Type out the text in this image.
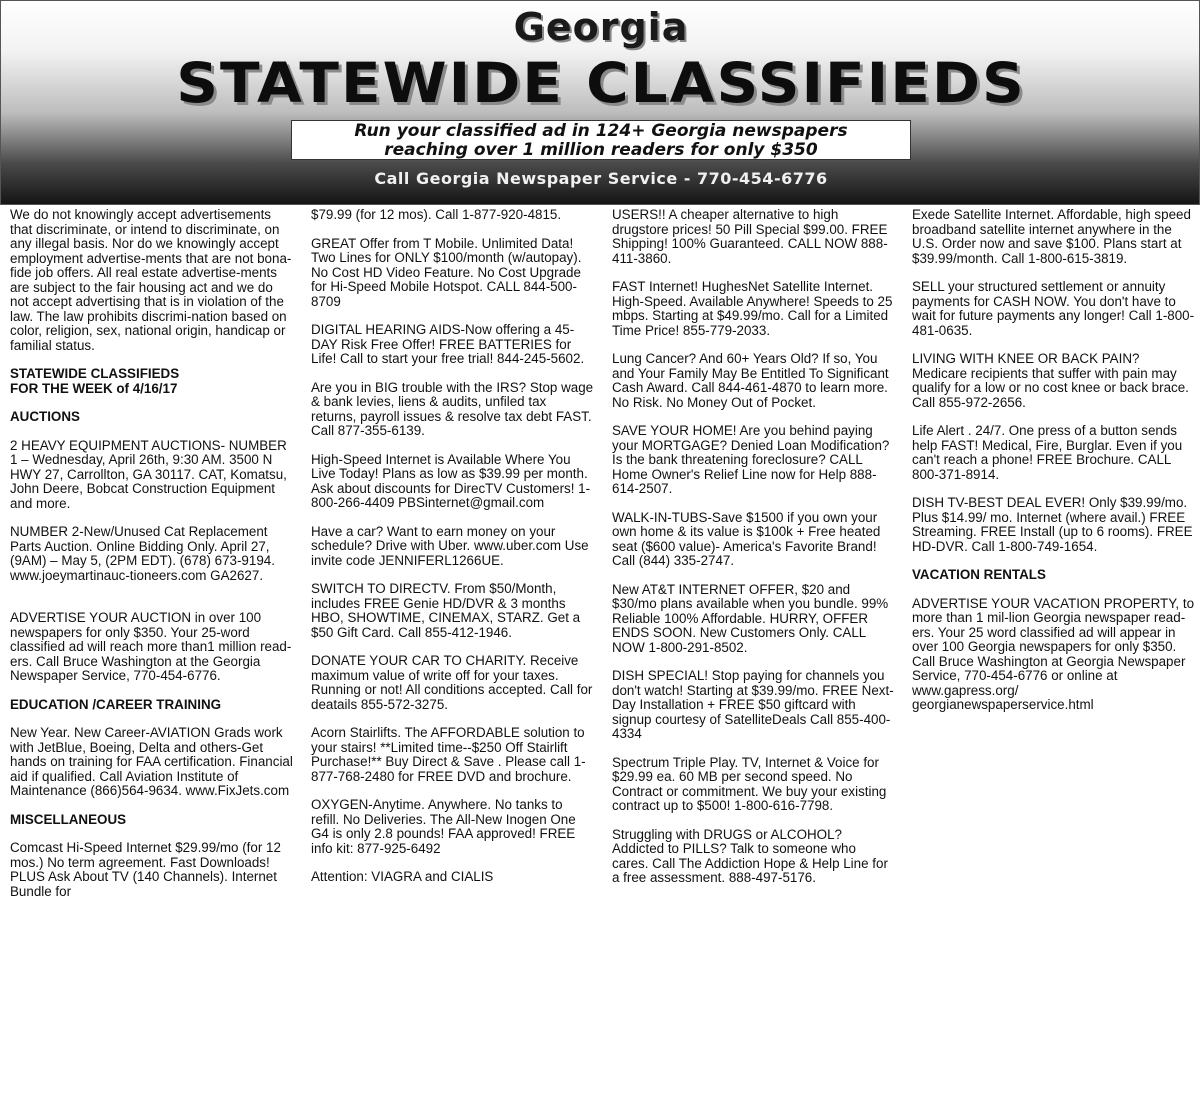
Georgia
STATEWIDE CLASSIFIEDS
Run your classified ad in 124+ Georgia newspapers
reaching over 1 million readers for only $350
Call Georgia Newspaper Service - 770-454-6776

We do not knowingly accept advertisements that discriminate, or intend to discriminate, on any illegal basis. Nor do we knowingly accept employment advertise-ments that are not bona-fide job offers. All real estate advertise-ments are subject to the fair housing act and we do not accept advertising that is in violation of the law. The law prohibits discrimi-nation based on color, religion, sex, national origin, handicap or familial status.

STATEWIDE CLASSIFIEDS
FOR THE WEEK of 4/16/17
AUCTIONS

2 HEAVY EQUIPMENT AUCTIONS- NUMBER 1 – Wednesday, April 26th, 9:30 AM. 3500 N HWY 27, Carrollton, GA 30117. CAT, Komatsu, John Deere, Bobcat Construction Equipment and more.

NUMBER 2-New/Unused Cat Replacement Parts Auction. Online Bidding Only. April 27, (9AM) – May 5, (2PM EDT). (678) 673-9194. www.joeymartinauc-tioneers.com GA2627.

ADVERTISE YOUR AUCTION in over 100 newspapers for only $350. Your 25-word classified ad will reach more than1 million read-ers. Call Bruce Washington at the Georgia Newspaper Service, 770-454-6776.

EDUCATION /CAREER TRAINING

New Year. New Career-AVIATION Grads work with JetBlue, Boeing, Delta and others-Get hands on training for FAA certification. Financial aid if qualified. Call Aviation Institute of Maintenance (866)564-9634. www.FixJets.com

MISCELLANEOUS

Comcast Hi-Speed Internet $29.99/mo (for 12 mos.) No term agreement. Fast Downloads! PLUS Ask About TV (140 Channels). Internet Bundle for

$79.99 (for 12 mos). Call 1-877-920-4815.

GREAT Offer from T Mobile. Unlimited Data! Two Lines for ONLY $100/month (w/autopay). No Cost HD Video Feature. No Cost Upgrade for Hi-Speed Mobile Hotspot. CALL 844-500-8709

DIGITAL HEARING AIDS-Now offering a 45-DAY Risk Free Offer! FREE BATTERIES for Life! Call to start your free trial! 844-245-5602.

Are you in BIG trouble with the IRS? Stop wage & bank levies, liens & audits, unfiled tax returns, payroll issues & resolve tax debt FAST. Call 877-355-6139.

High-Speed Internet is Available Where You Live Today! Plans as low as $39.99 per month. Ask about discounts for DirecTV Customers! 1-800-266-4409 PBSinternet@gmail.com

Have a car? Want to earn money on your schedule? Drive with Uber. www.uber.com Use invite code JENNIFERL1266UE.

SWITCH TO DIRECTV. From $50/Month, includes FREE Genie HD/DVR & 3 months HBO, SHOWTIME, CINEMAX, STARZ. Get a $50 Gift Card. Call 855-412-1946.

DONATE YOUR CAR TO CHARITY. Receive maximum value of write off for your taxes. Running or not! All conditions accepted. Call for deatails 855-572-3275.

Acorn Stairlifts. The AFFORDABLE solution to your stairs! **Limited time--$250 Off Stairlift Purchase!** Buy Direct & Save . Please call 1-877-768-2480 for FREE DVD and brochure.

OXYGEN-Anytime. Anywhere. No tanks to refill. No Deliveries. The All-New Inogen One G4 is only 2.8 pounds! FAA approved! FREE info kit: 877-925-6492

Attention: VIAGRA and CIALIS

USERS!! A cheaper alternative to high drugstore prices! 50 Pill Special $99.00. FREE Shipping! 100% Guaranteed. CALL NOW 888-411-3860.

FAST Internet! HughesNet Satellite Internet. High-Speed. Available Anywhere! Speeds to 25 mbps. Starting at $49.99/mo. Call for a Limited Time Price! 855-779-2033.

Lung Cancer? And 60+ Years Old? If so, You and Your Family May Be Entitled To Significant Cash Award. Call 844-461-4870 to learn more. No Risk. No Money Out of Pocket.

SAVE YOUR HOME! Are you behind paying your MORTGAGE? Denied Loan Modification? Is the bank threatening foreclosure? CALL Home Owner's Relief Line now for Help 888-614-2507.

WALK-IN-TUBS-Save $1500 if you own your own home & its value is $100k + Free heated seat ($600 value)- America's Favorite Brand! Call (844) 335-2747.

New AT&T INTERNET OFFER, $20 and $30/mo plans available when you bundle. 99% Reliable 100% Affordable. HURRY, OFFER ENDS SOON. New Customers Only. CALL NOW 1-800-291-8502.

DISH SPECIAL! Stop paying for channels you don't watch! Starting at $39.99/mo. FREE Next-Day Installation + FREE $50 giftcard with signup courtesy of SatelliteDeals Call 855-400-4334

Spectrum Triple Play. TV, Internet & Voice for $29.99 ea. 60 MB per second speed. No Contract or commitment. We buy your existing contract up to $500! 1-800-616-7798.

Struggling with DRUGS or ALCOHOL? Addicted to PILLS? Talk to someone who cares. Call The Addiction Hope & Help Line for a free assessment. 888-497-5176.

Exede Satellite Internet. Affordable, high speed broadband satellite internet anywhere in the U.S. Order now and save $100. Plans start at $39.99/month. Call 1-800-615-3819.

SELL your structured settlement or annuity payments for CASH NOW. You don't have to wait for future payments any longer! Call 1-800-481-0635.

LIVING WITH KNEE OR BACK PAIN? Medicare recipients that suffer with pain may qualify for a low or no cost knee or back brace. Call 855-972-2656.

Life Alert . 24/7. One press of a button sends help FAST! Medical, Fire, Burglar. Even if you can't reach a phone! FREE Brochure. CALL 800-371-8914.

DISH TV-BEST DEAL EVER! Only $39.99/mo. Plus $14.99/ mo. Internet (where avail.) FREE Streaming. FREE Install (up to 6 rooms). FREE HD-DVR. Call 1-800-749-1654.

VACATION RENTALS

ADVERTISE YOUR VACATION PROPERTY, to more than 1 mil-lion Georgia newspaper read-ers. Your 25 word classified ad will appear in over 100 Georgia newspapers for only $350. Call Bruce Washington at Georgia Newspaper Service, 770-454-6776 or online at www.gapress.org/ georgianewspaperservice.html
